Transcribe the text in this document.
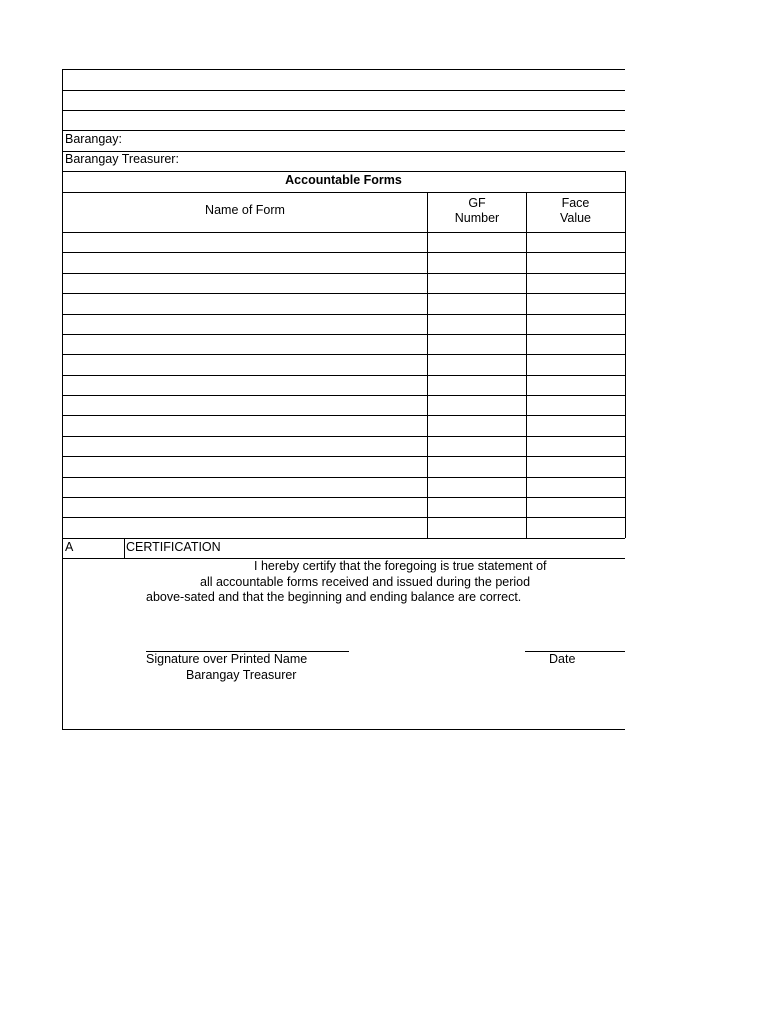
Barangay:
Barangay Treasurer:
Accountable Forms
Name of Form	GF
Number
Face
Value
A	CERTIFICATION
I hereby certify that the foregoing is true statement of
all accountable forms received and issued during the period
above-sated and that the beginning and ending balance are correct.
Signature over Printed Name
Barangay Treasurer
Date
